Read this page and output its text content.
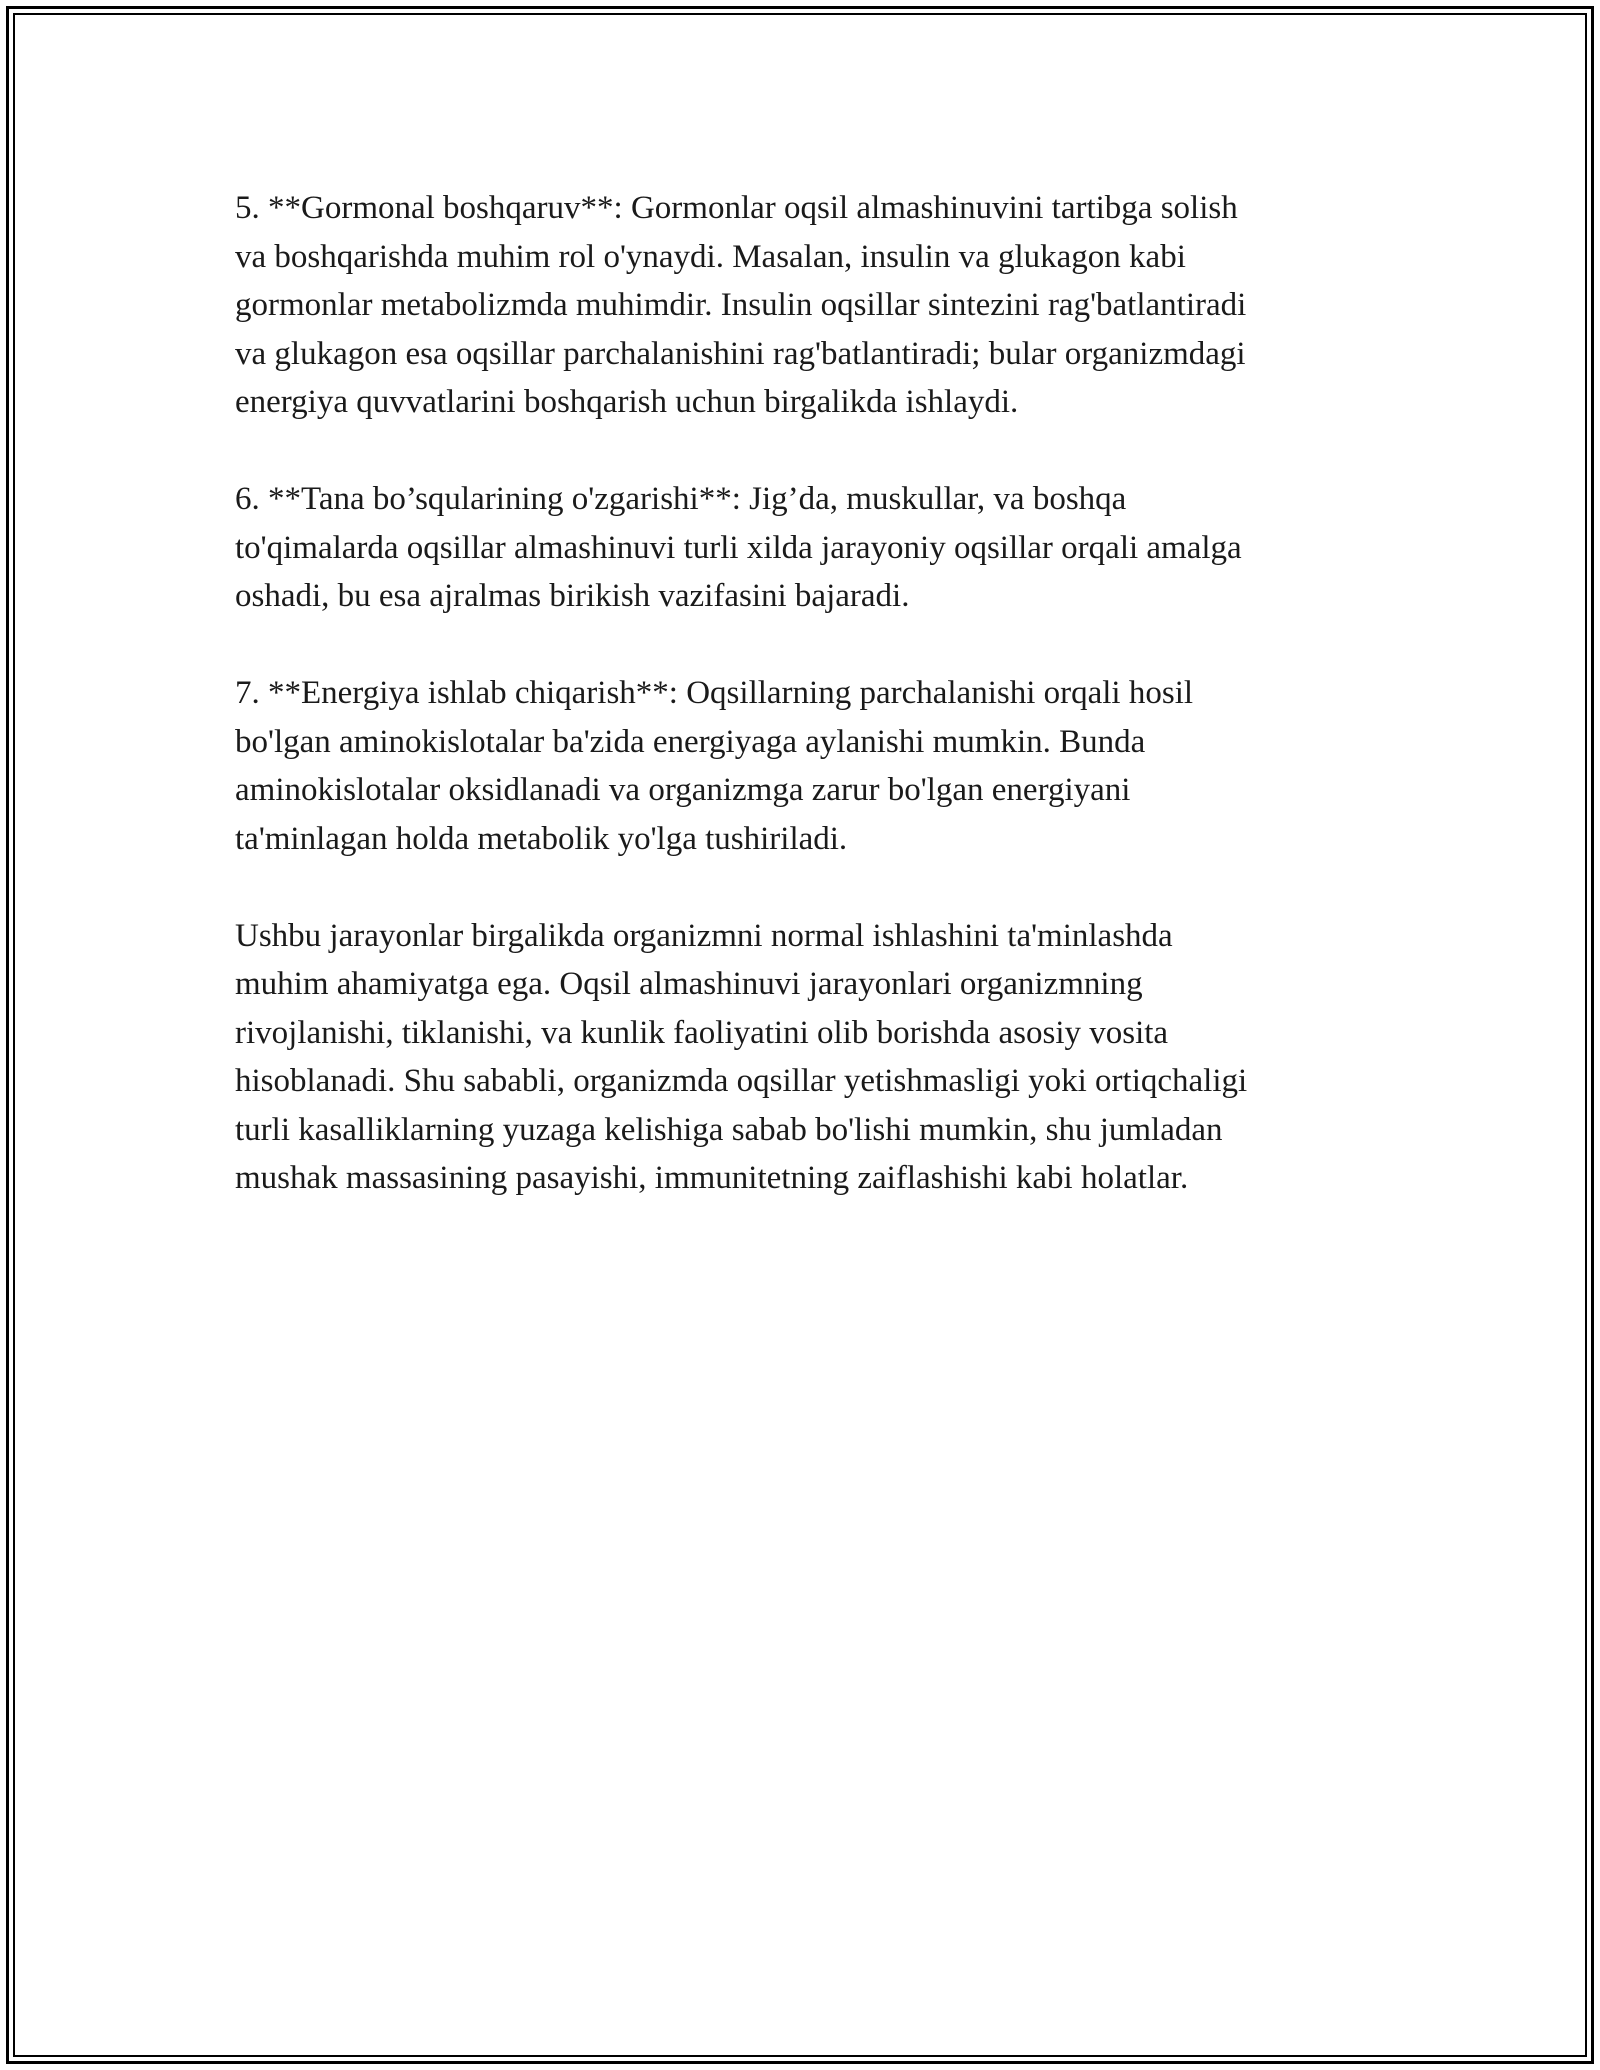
5. **Gormonal boshqaruv**: Gormonlar oqsil almashinuvini tartibga solish
va boshqarishda muhim rol o'ynaydi. Masalan, insulin va glukagon kabi
gormonlar metabolizmda muhimdir. Insulin oqsillar sintezini rag'batlantiradi
va glukagon esa oqsillar parchalanishini rag'batlantiradi; bular organizmdagi
energiya quvvatlarini boshqarish uchun birgalikda ishlaydi.

6. **Tana bo’sqularining o'zgarishi**: Jig’da, muskullar, va boshqa
to'qimalarda oqsillar almashinuvi turli xilda jarayoniy oqsillar orqali amalga
oshadi, bu esa ajralmas birikish vazifasini bajaradi.

7. **Energiya ishlab chiqarish**: Oqsillarning parchalanishi orqali hosil
bo'lgan aminokislotalar ba'zida energiyaga aylanishi mumkin. Bunda
aminokislotalar oksidlanadi va organizmga zarur bo'lgan energiyani
ta'minlagan holda metabolik yo'lga tushiriladi.

Ushbu jarayonlar birgalikda organizmni normal ishlashini ta'minlashda
muhim ahamiyatga ega. Oqsil almashinuvi jarayonlari organizmning
rivojlanishi, tiklanishi, va kunlik faoliyatini olib borishda asosiy vosita
hisoblanadi. Shu sababli, organizmda oqsillar yetishmasligi yoki ortiqchaligi
turli kasalliklarning yuzaga kelishiga sabab bo'lishi mumkin, shu jumladan
mushak massasining pasayishi, immunitetning zaiflashishi kabi holatlar.
